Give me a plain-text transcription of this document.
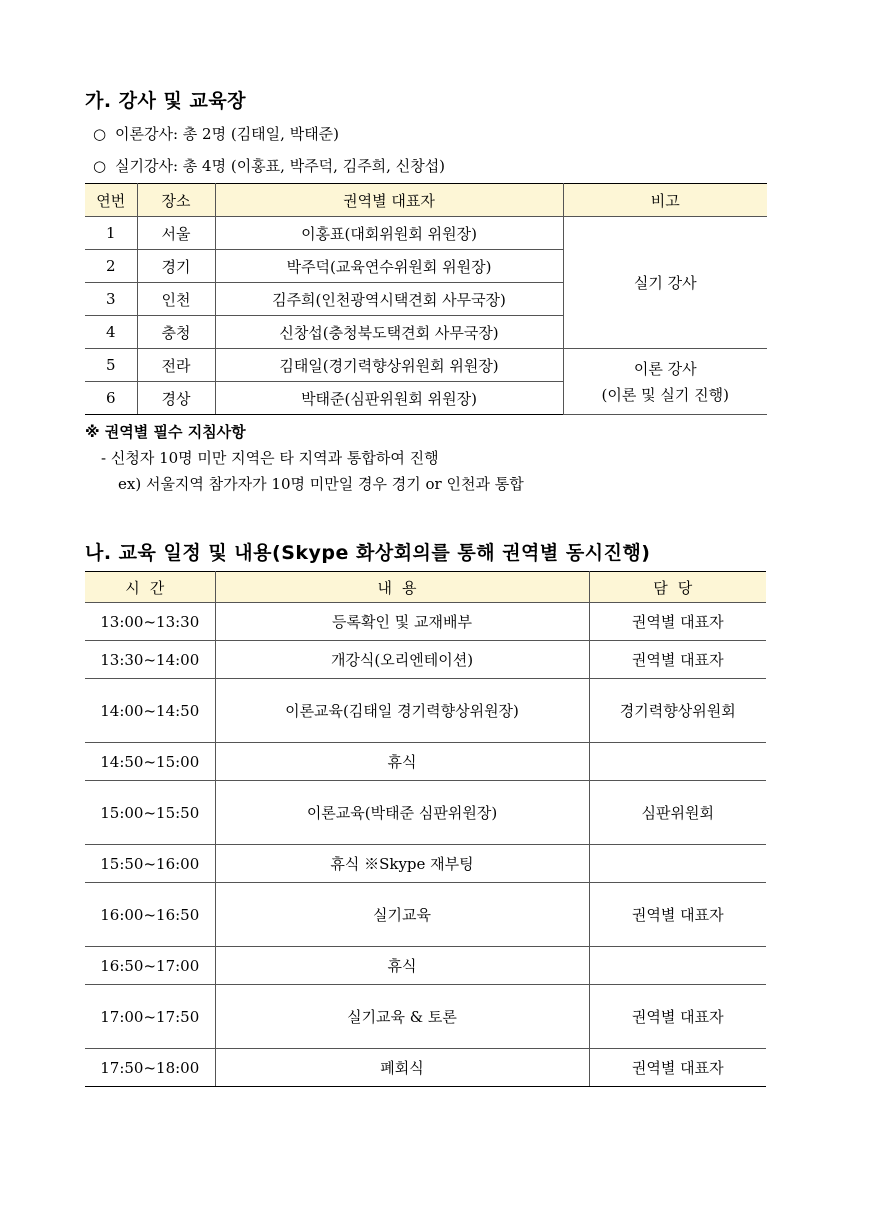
가. 강사 및 교육장
○ 이론강사: 총 2명 (김태일, 박태준)
○ 실기강사: 총 4명 (이홍표, 박주덕, 김주희, 신창섭)
연번	장소	권역별 대표자	비고
1	서울	이홍표(대회위원회 위원장)	실기 강사
2	경기	박주덕(교육연수위원회 위원장)	
3	인천	김주희(인천광역시택견회 사무국장)	
4	충청	신창섭(충청북도택견회 사무국장)	
5	전라	김태일(경기력향상위원회 위원장)	이론 강사
(이론 및 실기 진행)

6	경상	박태준(심판위원회 위원장)	
※ 권역별 필수 지침사항
- 신청자 10명 미만 지역은 타 지역과 통합하여 진행
ex) 서울지역 참가자가 10명 미만일 경우 경기 or 인천과 통합
나. 교육 일정 및 내용(Skype 화상회의를 통해 권역별 동시진행)
시간	내용	담당
13:00~13:30	등록확인 및 교재배부	권역별 대표자
13:30~14:00	개강식(오리엔테이션)	권역별 대표자
14:00~14:50	이론교육(김태일 경기력향상위원장)	경기력향상위원회
14:50~15:00	휴식	
15:00~15:50	이론교육(박태준 심판위원장)	심판위원회
15:50~16:00	휴식 ※Skype 재부팅	
16:00~16:50	실기교육	권역별 대표자
16:50~17:00	휴식	
17:00~17:50	실기교육 & 토론	권역별 대표자
17:50~18:00	폐회식	권역별 대표자
